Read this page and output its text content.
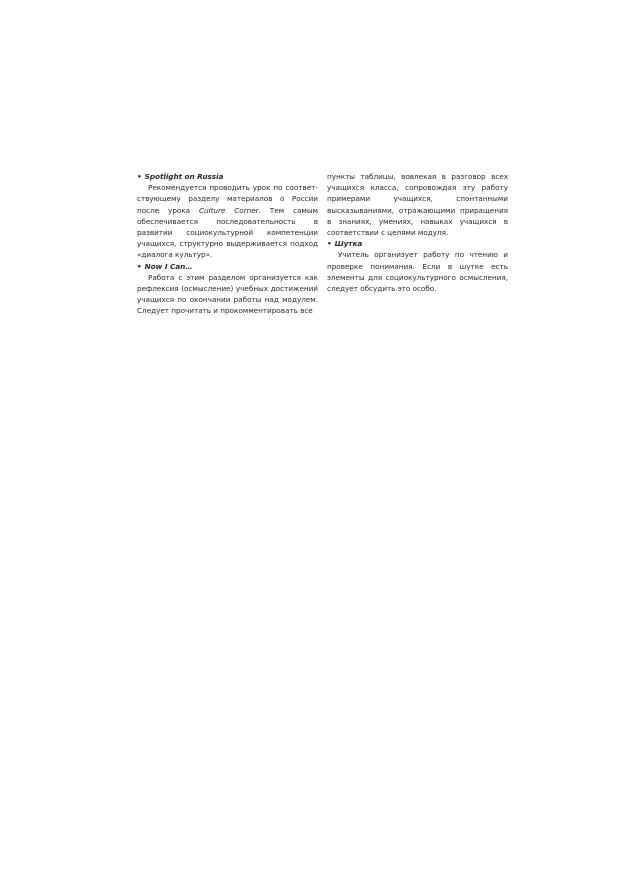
• Spotlight on Russia

Рекомендуется проводить урок по соответствующему разделу материалов о России после урока Culture Corner. Тем самым обеспечивается последовательность в развитии социокультурной компетенции учащихся, структурно выдерживается подход «диалога культур».

• Now I Can…

Работа с этим разделом организуется как рефлексия (осмысление) учебных достижений учащихся по окончании работы над модулем. Следует прочитать и прокомментировать все

пункты таблицы, вовлекая в разговор всех учащихся класса, сопровождая эту работу примерами учащихся, спонтанными высказываниями, отражающими приращения в знаниях, умениях, навыках учащихся в соответствии с целями модуля.

• Шутка

Учитель организует работу по чтению и проверке понимания. Если в шутке есть элементы для социокультурного осмысления, следует обсудить это особо.
